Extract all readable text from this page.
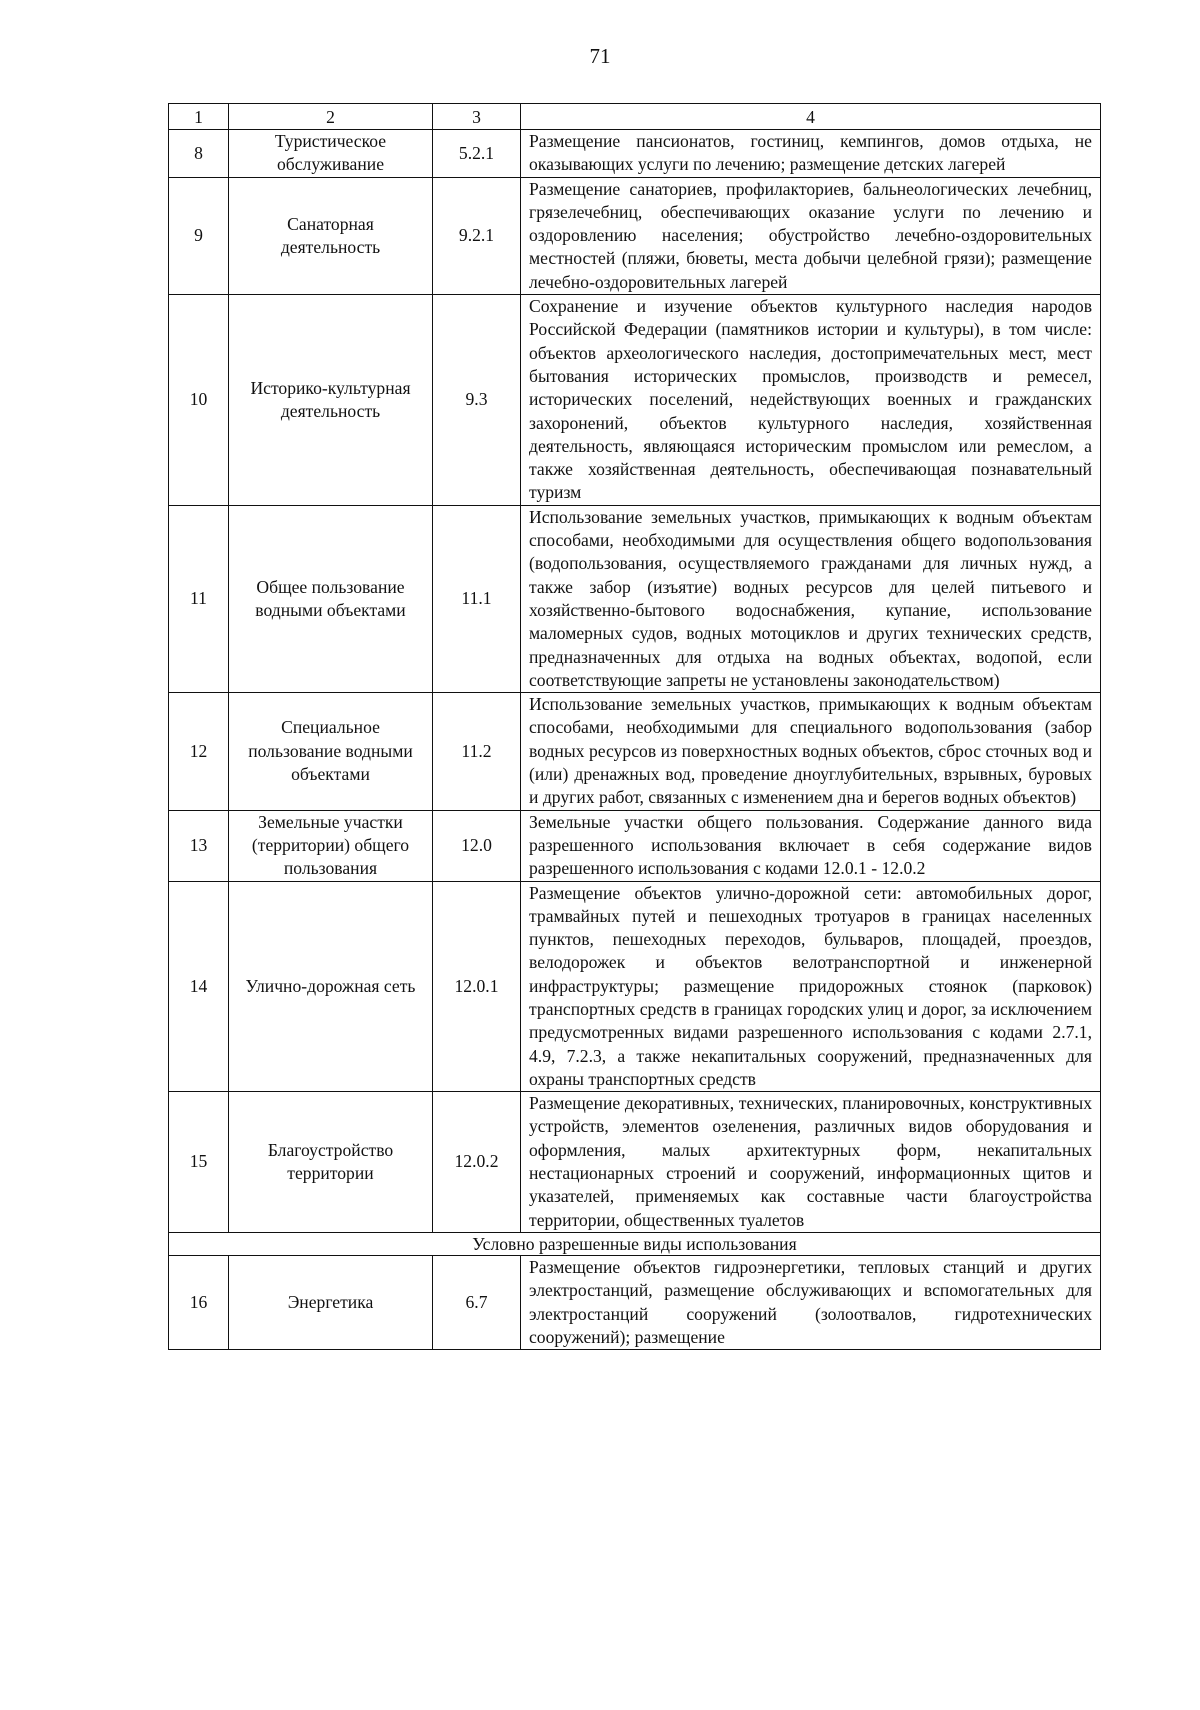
71
1	2	3	4
8	Туристическое обслуживание	5.2.1	Размещение пансионатов, гостиниц, кемпингов, домов отдыха, не оказывающих услуги по лечению; размещение детских лагерей
9	Санаторная деятельность	9.2.1	Размещение санаториев, профилакториев, бальнеологических лечебниц, грязелечебниц, обеспечивающих оказание услуги по лечению и оздоровлению населения; обустройство лечебно-оздоровительных местностей (пляжи, бюветы, места добычи целебной грязи); размещение лечебно-оздоровительных лагерей
10	Историко-культурная деятельность	9.3	Сохранение и изучение объектов культурного наследия народов Российской Федерации (памятников истории и культуры), в том числе: объектов археологического наследия, достопримечательных мест, мест бытования исторических промыслов, производств и ремесел, исторических поселений, недействующих военных и гражданских захоронений, объектов культурного наследия, хозяйственная деятельность, являющаяся историческим промыслом или ремеслом, а также хозяйственная деятельность, обеспечивающая познавательный туризм
11	Общее пользование водными объектами	11.1	Использование земельных участков, примыкающих к водным объектам способами, необходимыми для осуществления общего водопользования (водопользования, осуществляемого гражданами для личных нужд, а также забор (изъятие) водных ресурсов для целей питьевого и хозяйственно-бытового водоснабжения, купание, использование маломерных судов, водных мотоциклов и других технических средств, предназначенных для отдыха на водных объектах, водопой, если соответствующие запреты не установлены законодательством)
12	Специальное пользование водными объектами	11.2	Использование земельных участков, примыкающих к водным объектам способами, необходимыми для специального водопользования (забор водных ресурсов из поверхностных водных объектов, сброс сточных вод и (или) дренажных вод, проведение дноуглубительных, взрывных, буровых и других работ, связанных с изменением дна и берегов водных объектов)
13	Земельные участки (территории) общего пользования	12.0	Земельные участки общего пользования. Содержание данного вида разрешенного использования включает в себя содержание видов разрешенного использования с кодами 12.0.1 - 12.0.2
14	Улично-дорожная сеть	12.0.1	Размещение объектов улично-дорожной сети: автомобильных дорог, трамвайных путей и пешеходных тротуаров в границах населенных пунктов, пешеходных переходов, бульваров, площадей, проездов, велодорожек и объектов велотранспортной и инженерной инфраструктуры; размещение придорожных стоянок (парковок) транспортных средств в границах городских улиц и дорог, за исключением предусмотренных видами разрешенного использования с кодами 2.7.1, 4.9, 7.2.3, а также некапитальных сооружений, предназначенных для охраны транспортных средств
15	Благоустройство территории	12.0.2	Размещение декоративных, технических, планировочных, конструктивных устройств, элементов озеленения, различных видов оборудования и оформления, малых архитектурных форм, некапитальных нестационарных строений и сооружений, информационных щитов и указателей, применяемых как составные части благоустройства территории, общественных туалетов
Условно разрешенные виды использования			
16	Энергетика	6.7	Размещение объектов гидроэнергетики, тепловых станций и других электростанций, размещение обслуживающих и вспомогательных для электростанций сооружений (золоотвалов, гидротехнических сооружений); размещение
